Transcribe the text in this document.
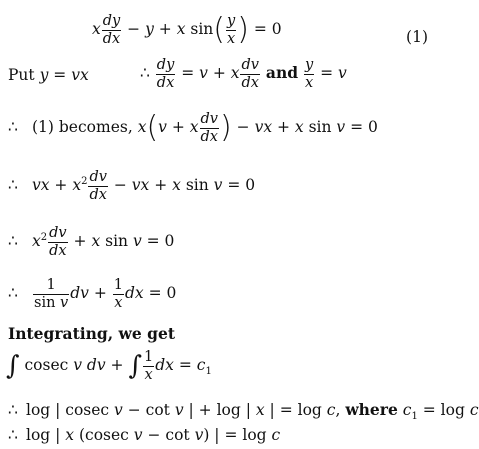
x $\frac{dy}{dx} - y + x$ $\sin( \frac{y}{x}$ ) = 0	(1)
Put y = vx	∴ $\frac{dy}{dx} = v + x \frac{dv}{dx}$ and $\frac{y}{x} = v$
∴ (1) becomes, x(v + x $\frac{dv}{dx}$ ) − vx + x sin v = 0
∴ vx + $x^2 \frac{dv}{dx}$ − vx + x sin v = 0
∴ $x^2 \frac{dv}{dx} + x$ sin v = 0
∴ $\frac{1}{\text{sin v}}$ dv + $\frac{1}{x}$ dx = 0
Integrating, we get
∫ cosec v dv + ∫ $\frac{1}{x}$ dx = $c_1$
∴ log | cosec v − cot v | + log | x | = log c, where $c_1 = \log c$
∴ log | x (cosec v − cot v) | = log c
